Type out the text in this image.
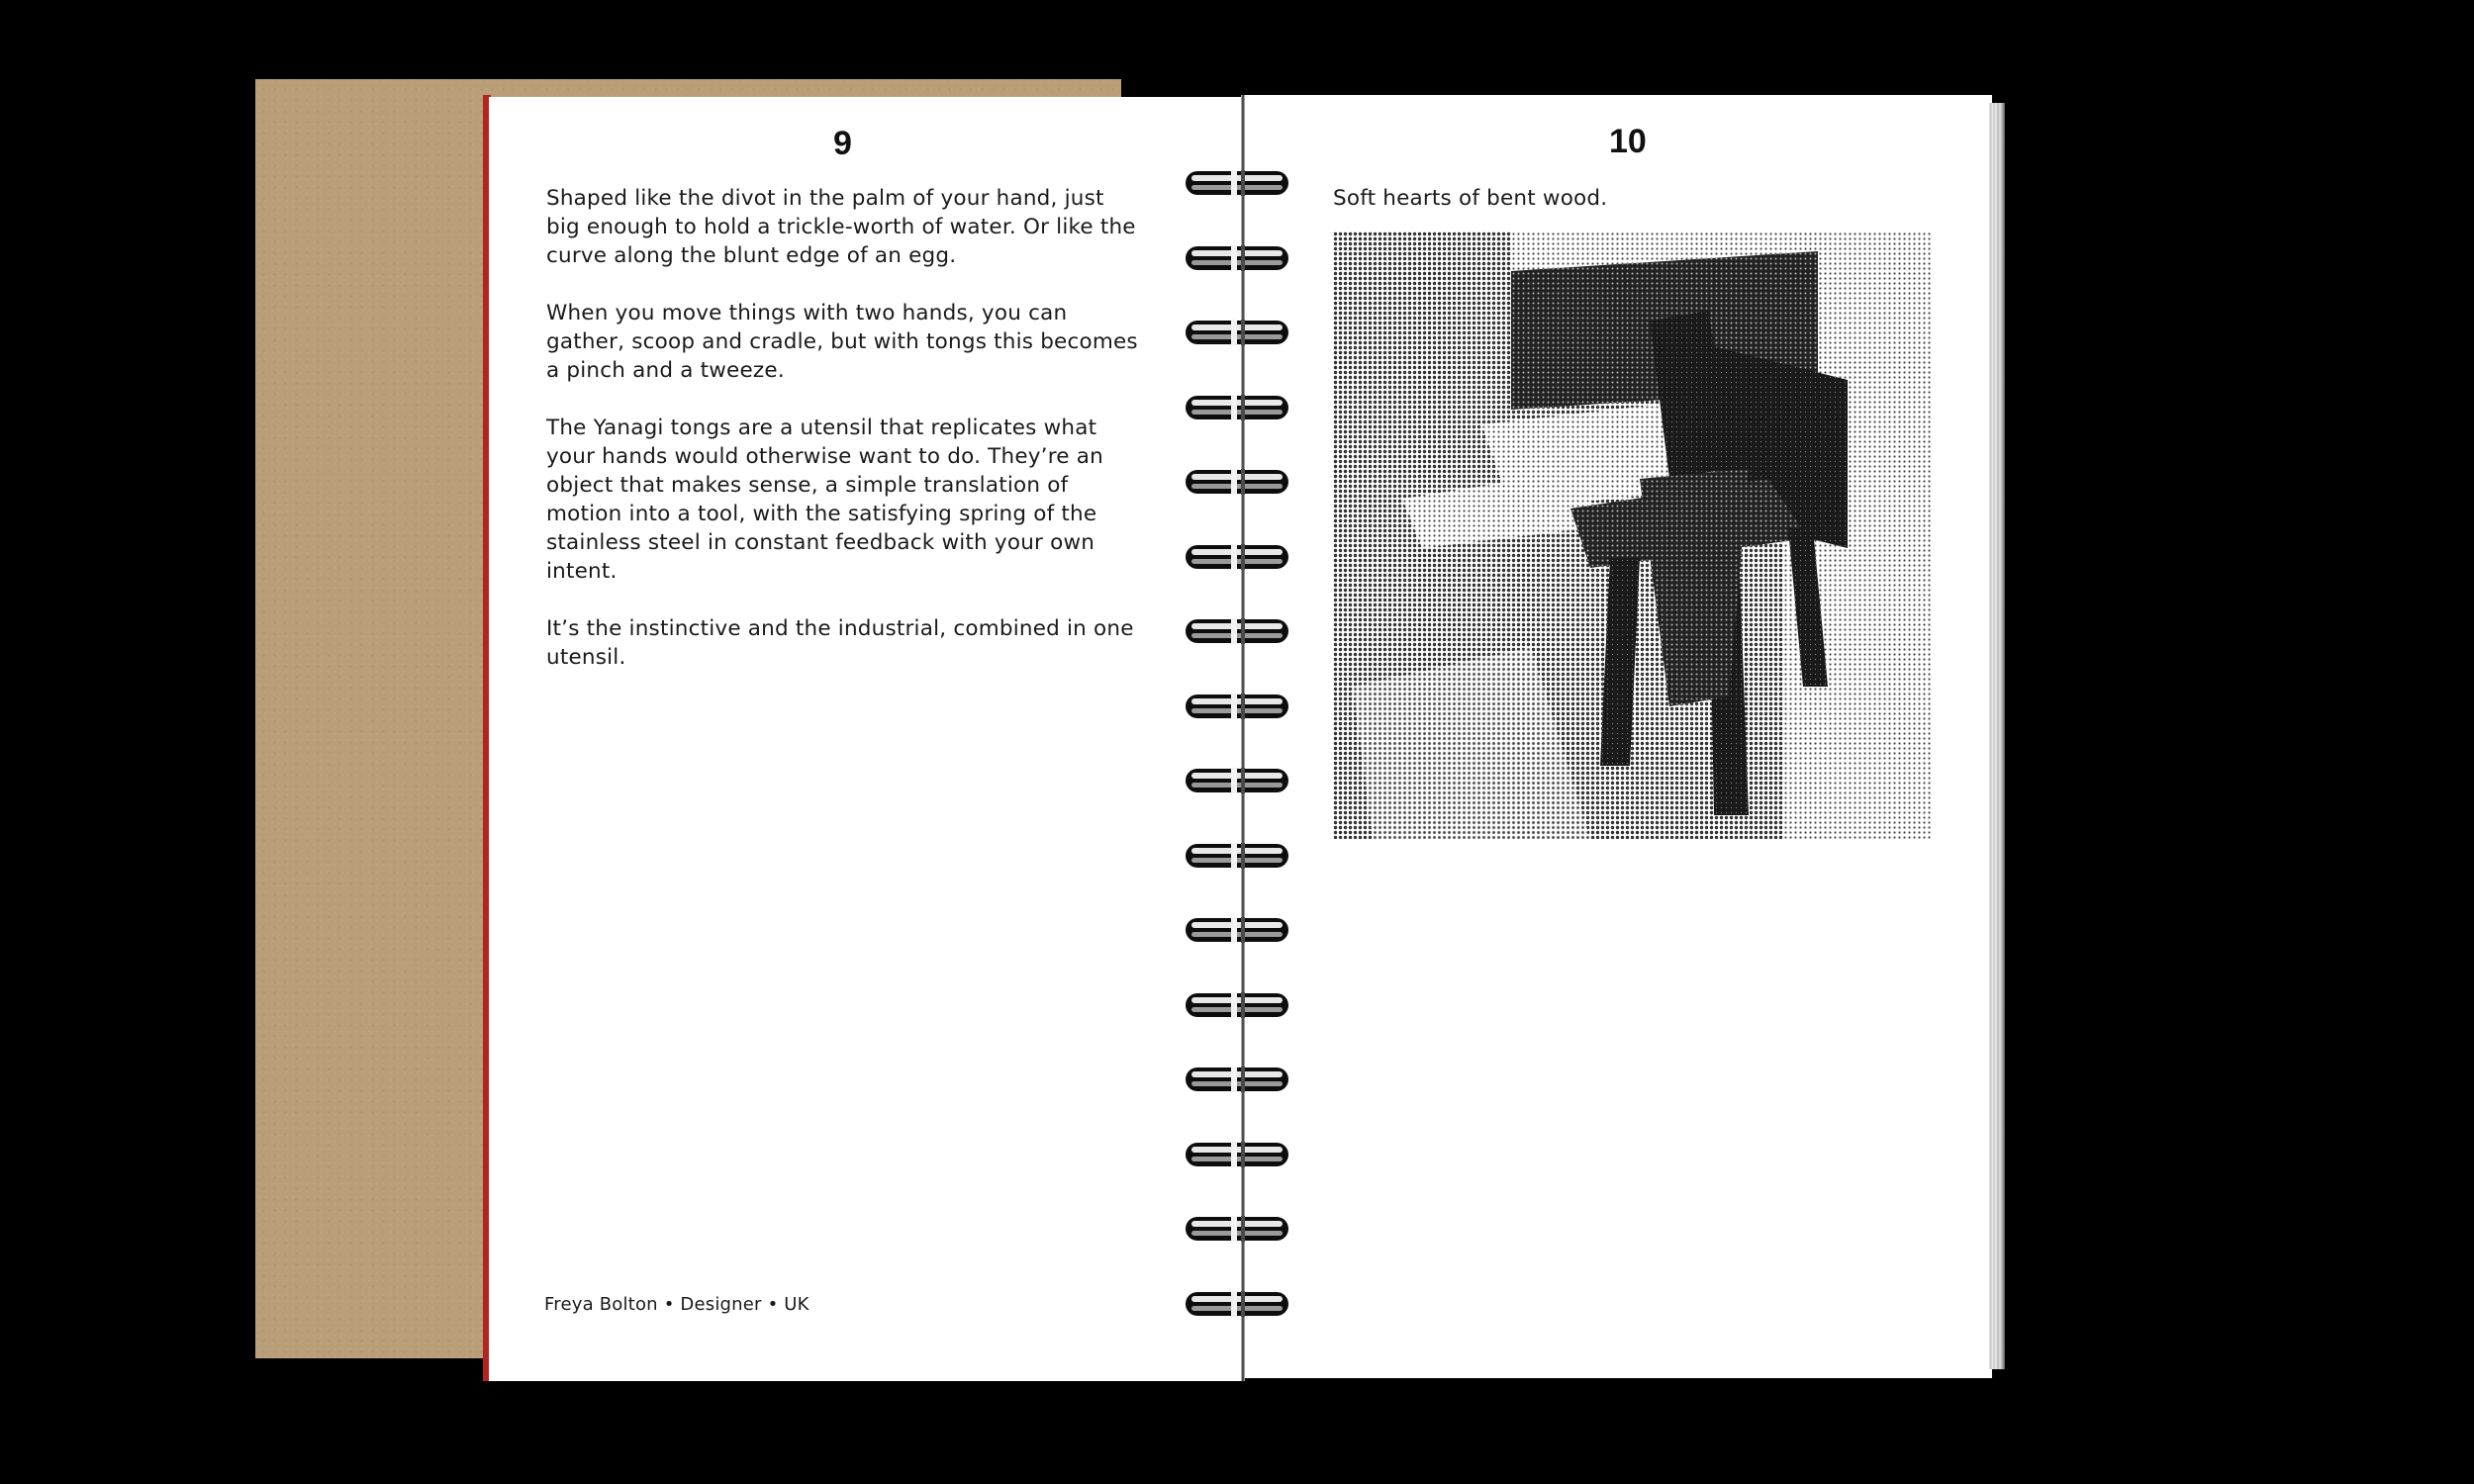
9	10

Shaped like the divot in the palm of your hand, just big enough to hold a trickle-worth of water. Or like the curve along the blunt edge of an egg.

When you move things with two hands, you can gather, scoop and cradle, but with tongs this becomes a pinch and a tweeze.

The Yanagi tongs are a utensil that replicates what your hands would otherwise want to do. They’re an object that makes sense, a simple translation of motion into a tool, with the satisfying spring of the stainless steel in constant feedback with your own intent.

It’s the instinctive and the industrial, combined in one utensil.

Freya Bolton • Designer • UK

Soft hearts of bent wood.
